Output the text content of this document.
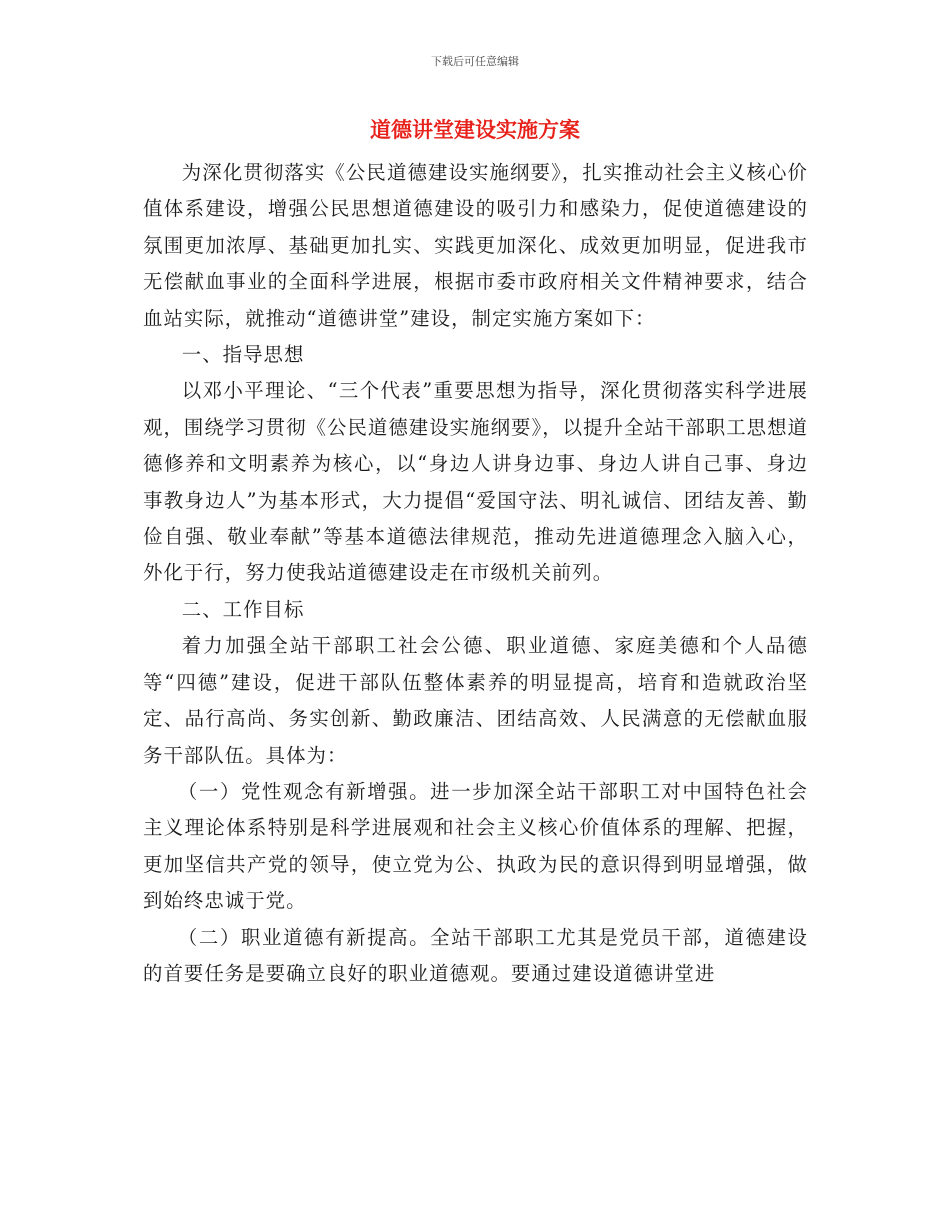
下载后可任意编辑
道德讲堂建设实施方案

为深化贯彻落实《公民道德建设实施纲要》，扎实推动社会主义核心价值体系建设，增强公民思想道德建设的吸引力和感染力，促使道德建设的氛围更加浓厚、基础更加扎实、实践更加深化、成效更加明显，促进我市无偿献血事业的全面科学进展，根据市委市政府相关文件精神要求，结合血站实际，就推动“道德讲堂”建设，制定实施方案如下：

一、指导思想

以邓小平理论、“三个代表”重要思想为指导，深化贯彻落实科学进展观，围绕学习贯彻《公民道德建设实施纲要》，以提升全站干部职工思想道德修养和文明素养为核心，以“身边人讲身边事、身边人讲自己事、身边事教身边人”为基本形式，大力提倡“爱国守法、明礼诚信、团结友善、勤俭自强、敬业奉献”等基本道德法律规范，推动先进道德理念入脑入心，外化于行，努力使我站道德建设走在市级机关前列。

二、工作目标

着力加强全站干部职工社会公德、职业道德、家庭美德和个人品德等“四德”建设，促进干部队伍整体素养的明显提高，培育和造就政治坚定、品行高尚、务实创新、勤政廉洁、团结高效、人民满意的无偿献血服务干部队伍。具体为：

（一）党性观念有新增强。进一步加深全站干部职工对中国特色社会主义理论体系特别是科学进展观和社会主义核心价值体系的理解、把握，更加坚信共产党的领导，使立党为公、执政为民的意识得到明显增强，做到始终忠诚于党。

（二）职业道德有新提高。全站干部职工尤其是党员干部，道德建设的首要任务是要确立良好的职业道德观。要通过建设道德讲堂进
